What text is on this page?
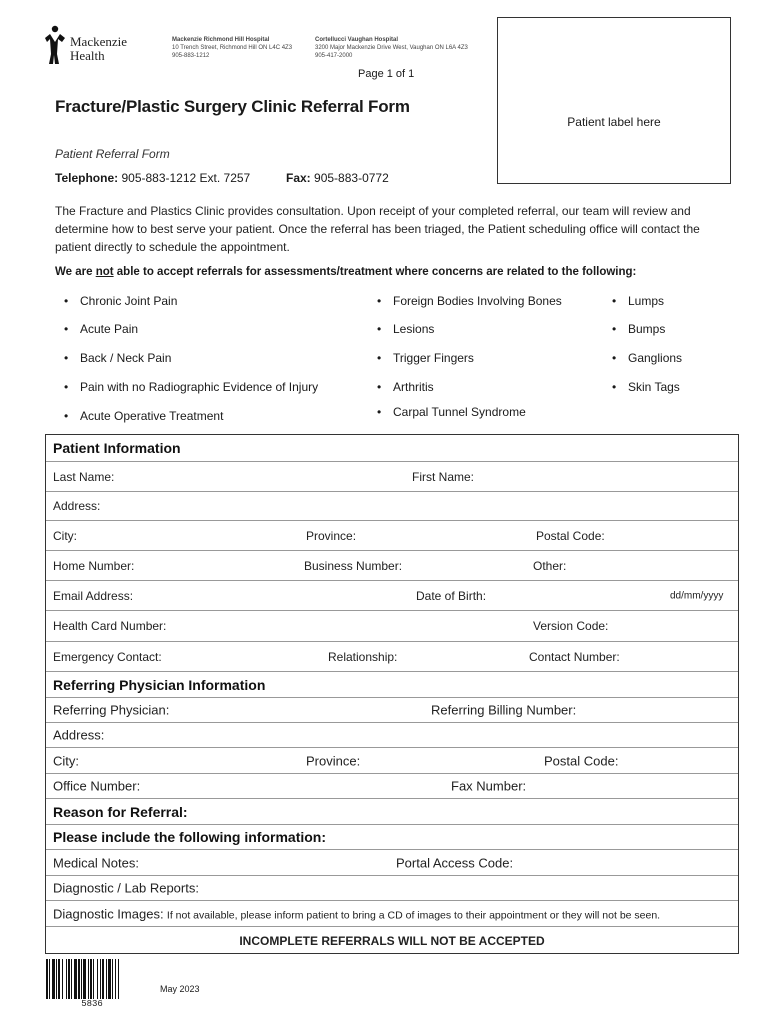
Mackenzie
Health
Mackenzie Richmond Hill Hospital
10 Trench Street, Richmond Hill ON L4C 4Z3
905-883-1212
Cortellucci Vaughan Hospital
3200 Major Mackenzie Drive West, Vaughan ON L6A 4Z3
905-417-2000
Page 1 of 1
Patient label here
Fracture/Plastic Surgery Clinic Referral Form
Patient Referral Form
Telephone: 905-883-1212 Ext. 7257	Fax: 905-883-0772
The Fracture and Plastics Clinic provides consultation. Upon receipt of your completed referral, our team will review and determine how to best serve your patient. Once the referral has been triaged, the Patient scheduling office will contact the patient directly to schedule the appointment.
We are not able to accept referrals for assessments/treatment where concerns are related to the following:
• Chronic Joint Pain
• Acute Pain
• Back / Neck Pain
• Pain with no Radiographic Evidence of Injury
• Acute Operative Treatment
• Foreign Bodies Involving Bones
• Lesions
• Trigger Fingers
• Arthritis
• Carpal Tunnel Syndrome
• Lumps
• Bumps
• Ganglions
• Skin Tags
Patient Information
Last Name:	First Name:
Address:
City:	Province:	Postal Code:
Home Number:	Business Number:	Other:
Email Address:	Date of Birth:	dd/mm/yyyy
Health Card Number:	Version Code:
Emergency Contact:	Relationship:	Contact Number:
Referring Physician Information
Referring Physician:	Referring Billing Number:
Address:
City:	Province:	Postal Code:
Office Number:	Fax Number:
Reason for Referral:
Please include the following information:
Medical Notes:	Portal Access Code:
Diagnostic / Lab Reports:
Diagnostic Images: If not available, please inform patient to bring a CD of images to their appointment or they will not be seen.
INCOMPLETE REFERRALS WILL NOT BE ACCEPTED
5836
May 2023
